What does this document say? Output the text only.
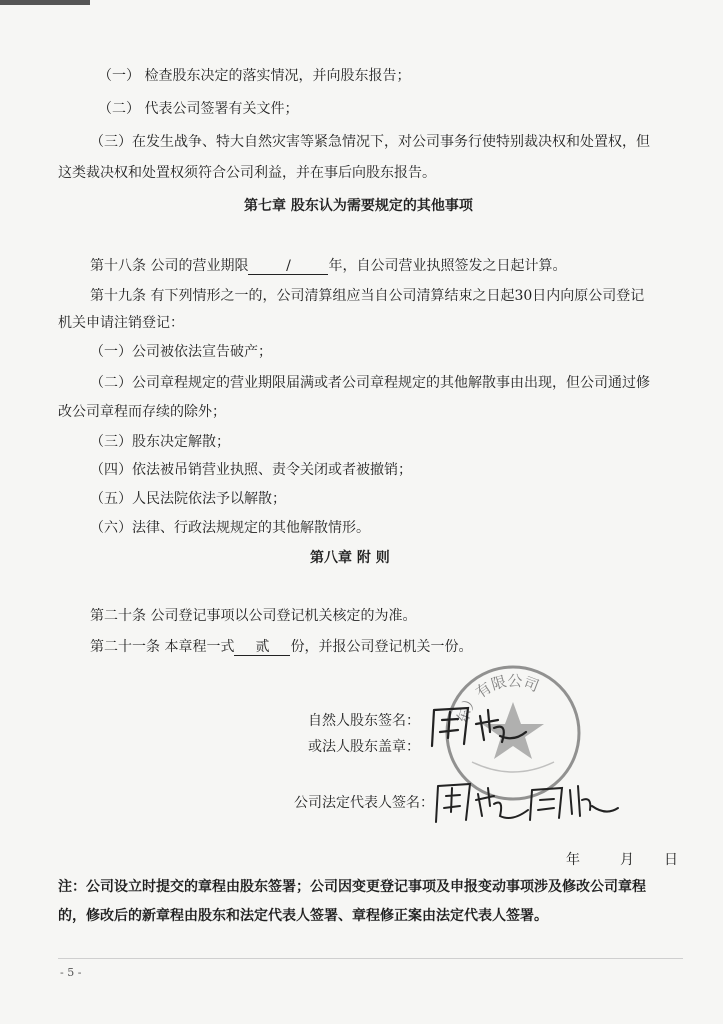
（一） 检查股东决定的落实情况，并向股东报告；
（二） 代表公司签署有关文件；
（三）在发生战争、特大自然灾害等紧急情况下，对公司事务行使特别裁决权和处置权，但
这类裁决权和处置权须符合公司利益，并在事后向股东报告。
第七章 股东认为需要规定的其他事项
第十八条 公司的营业期限	/	年，自公司营业执照签发之日起计算。
第十九条 有下列情形之一的，公司清算组应当自公司清算结束之日起30日内向原公司登记
机关申请注销登记：
（一）公司被依法宣告破产；
（二）公司章程规定的营业期限届满或者公司章程规定的其他解散事由出现，但公司通过修
改公司章程而存续的除外；
（三）股东决定解散；
（四）依法被吊销营业执照、责令关闭或者被撤销；
（五）人民法院依法予以解散；
（六）法律、行政法规规定的其他解散情形。
第八章 附 则
第二十条 公司登记事项以公司登记机关核定的为准。
第二十一条 本章程一式 贰 份，并报公司登记机关一份。
自然人股东签名：
或法人股东盖章：
公司法定代表人签名：
东）有限公司
年	月 日
注：公司设立时提交的章程由股东签署；公司因变更登记事项及申报变动事项涉及修改公司章程
的，修改后的新章程由股东和法定代表人签署、章程修正案由法定代表人签署。
- 5 -
